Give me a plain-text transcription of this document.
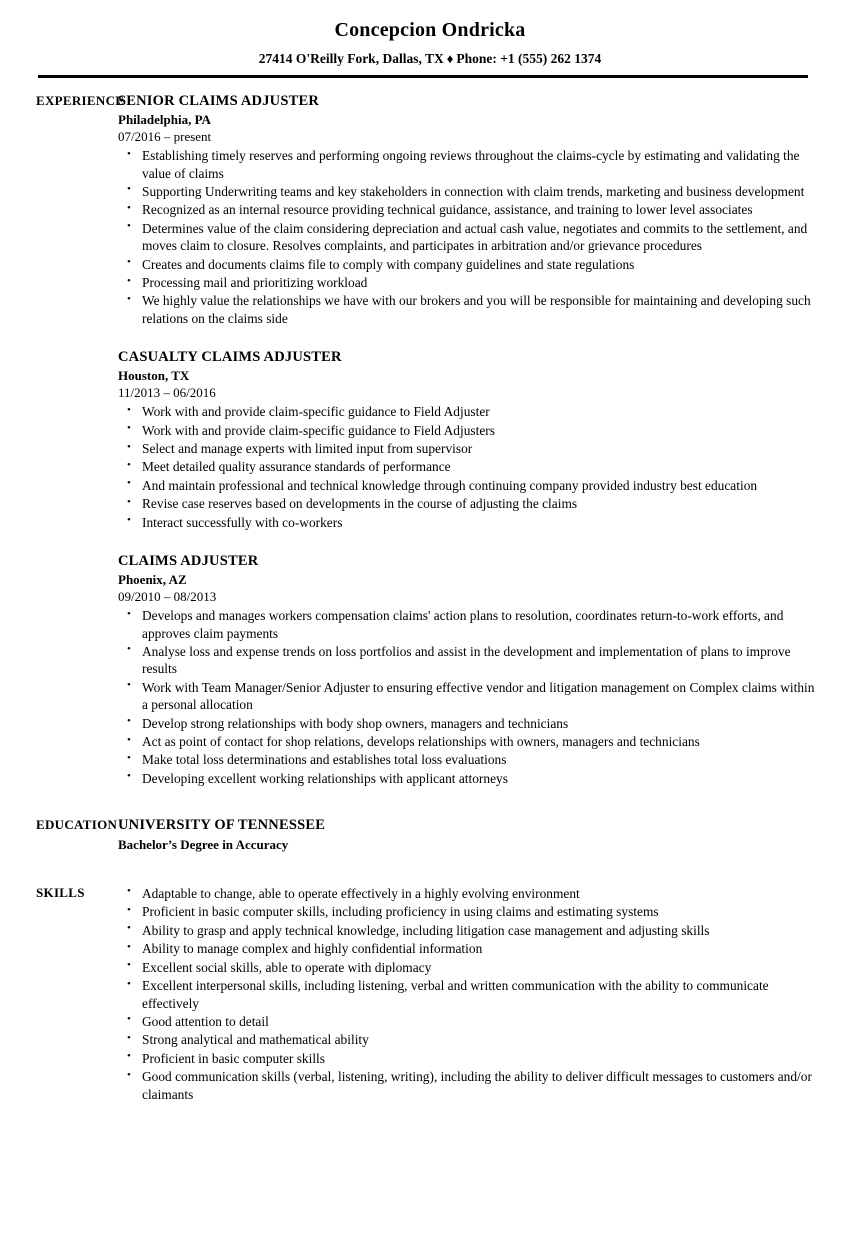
Concepcion Ondricka
27414 O'Reilly Fork, Dallas, TX ♦ Phone: +1 (555) 262 1374
EXPERIENCE
SENIOR CLAIMS ADJUSTER
Philadelphia, PA
07/2016 – present
• Establishing timely reserves and performing ongoing reviews throughout the claims-cycle by estimating and validating the value of claims
• Supporting Underwriting teams and key stakeholders in connection with claim trends, marketing and business development
• Recognized as an internal resource providing technical guidance, assistance, and training to lower level associates
• Determines value of the claim considering depreciation and actual cash value, negotiates and commits to the settlement, and moves claim to closure. Resolves complaints, and participates in arbitration and/or grievance procedures
• Creates and documents claims file to comply with company guidelines and state regulations
• Processing mail and prioritizing workload
• We highly value the relationships we have with our brokers and you will be responsible for maintaining and developing such relations on the claims side
CASUALTY CLAIMS ADJUSTER
Houston, TX
11/2013 – 06/2016
• Work with and provide claim-specific guidance to Field Adjuster
• Work with and provide claim-specific guidance to Field Adjusters
• Select and manage experts with limited input from supervisor
• Meet detailed quality assurance standards of performance
• And maintain professional and technical knowledge through continuing company provided industry best education
• Revise case reserves based on developments in the course of adjusting the claims
• Interact successfully with co-workers
CLAIMS ADJUSTER
Phoenix, AZ
09/2010 – 08/2013
• Develops and manages workers compensation claims' action plans to resolution, coordinates return-to-work efforts, and approves claim payments
• Analyse loss and expense trends on loss portfolios and assist in the development and implementation of plans to improve results
• Work with Team Manager/Senior Adjuster to ensuring effective vendor and litigation management on Complex claims within a personal allocation
• Develop strong relationships with body shop owners, managers and technicians
• Act as point of contact for shop relations, develops relationships with owners, managers and technicians
• Make total loss determinations and establishes total loss evaluations
• Developing excellent working relationships with applicant attorneys
EDUCATION UNIVERSITY OF TENNESSEE
Bachelor’s Degree in Accuracy
SKILLS	• Adaptable to change, able to operate effectively in a highly evolving environment
• Proficient in basic computer skills, including proficiency in using claims and estimating systems
• Ability to grasp and apply technical knowledge, including litigation case management and adjusting skills
• Ability to manage complex and highly confidential information
• Excellent social skills, able to operate with diplomacy
• Excellent interpersonal skills, including listening, verbal and written communication with the ability to communicate effectively
• Good attention to detail
• Strong analytical and mathematical ability
• Proficient in basic computer skills
• Good communication skills (verbal, listening, writing), including the ability to deliver difficult messages to customers and/or claimants
